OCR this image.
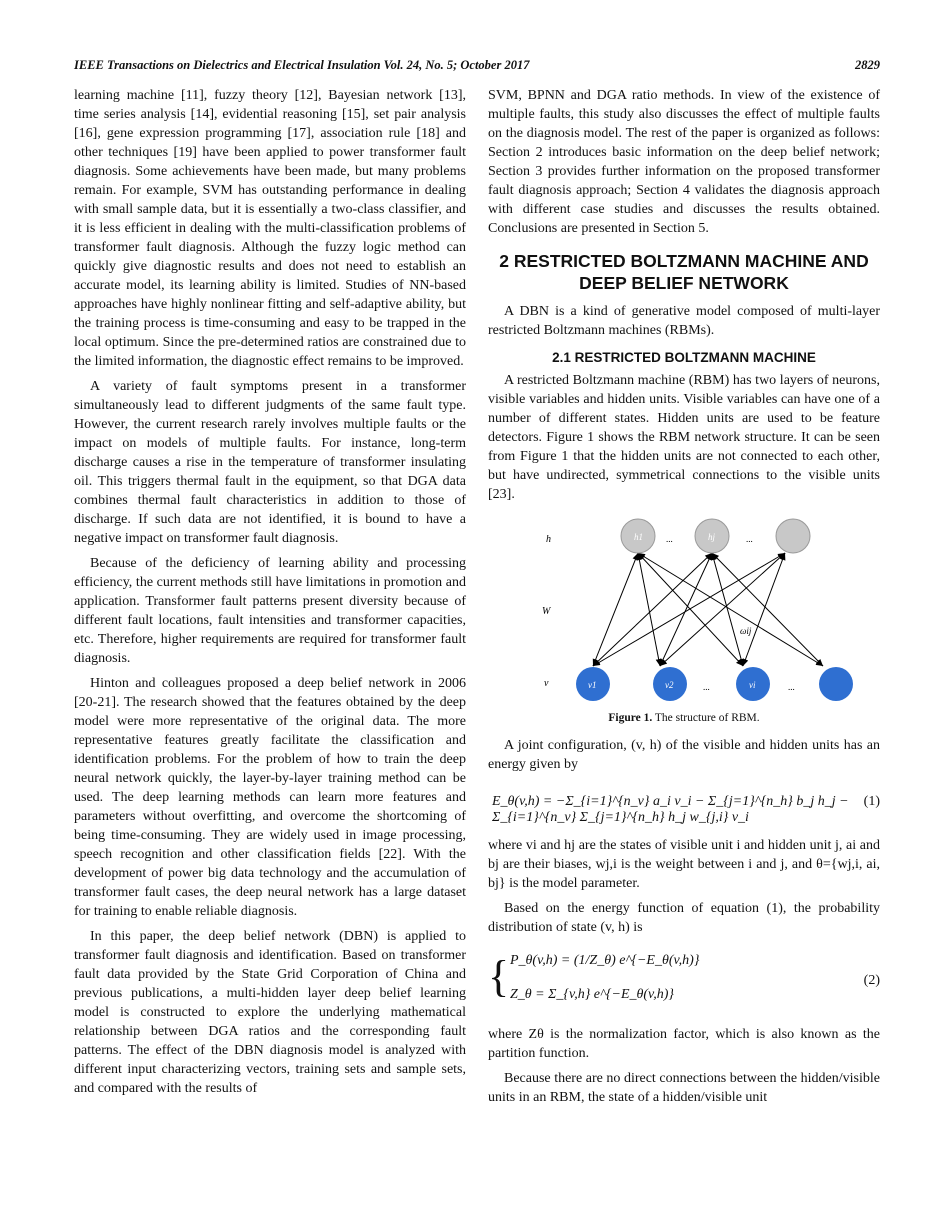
IEEE Transactions on Dielectrics and Electrical Insulation Vol. 24, No. 5; October 2017	2829

learning machine [11], fuzzy theory [12], Bayesian network [13], time series analysis [14], evidential reasoning [15], set pair analysis [16], gene expression programming [17], association rule [18] and other techniques [19] have been applied to power transformer fault diagnosis. Some achievements have been made, but many problems remain. For example, SVM has outstanding performance in dealing with small sample data, but it is essentially a two-class classifier, and it is less efficient in dealing with the multi-classification problems of transformer fault diagnosis. Although the fuzzy logic method can quickly give diagnostic results and does not need to establish an accurate model, its learning ability is limited. Studies of NN-based approaches have highly nonlinear fitting and self-adaptive ability, but the training process is time-consuming and easy to be trapped in the local optimum. Since the pre-determined ratios are constrained due to the limited information, the diagnostic effect remains to be improved.

A variety of fault symptoms present in a transformer simultaneously lead to different judgments of the same fault type. However, the current research rarely involves multiple faults or the impact on models of multiple faults. For instance, long-term discharge causes a rise in the temperature of transformer insulating oil. This triggers thermal fault in the equipment, so that DGA data combines thermal fault characteristics in addition to those of discharge. If such data are not identified, it is bound to have a negative impact on transformer fault diagnosis.

Because of the deficiency of learning ability and processing efficiency, the current methods still have limitations in promotion and application. Transformer fault patterns present diversity because of different fault locations, fault intensities and transformer capacities, etc. Therefore, higher requirements are required for transformer fault diagnosis.

Hinton and colleagues proposed a deep belief network in 2006 [20-21]. The research showed that the features obtained by the deep model were more representative of the original data. The more representative features greatly facilitate the classification and identification problems. For the problem of how to train the deep neural network quickly, the layer-by-layer training method can be used. The deep learning methods can learn more features and parameters without overfitting, and overcome the shortcoming of being time-consuming. They are widely used in image processing, speech recognition and other classification fields [22]. With the development of power big data technology and the accumulation of transformer fault cases, the deep neural network has a large dataset for training to enable reliable diagnosis.

In this paper, the deep belief network (DBN) is applied to transformer fault diagnosis and identification. Based on transformer fault data provided by the State Grid Corporation of China and previous publications, a multi-hidden layer deep belief learning model is constructed to explore the underlying mathematical relationship between DGA ratios and the corresponding fault patterns. The effect of the DBN diagnosis model is analyzed with different input characterizing vectors, training sets and sample sets, and compared with the results of

SVM, BPNN and DGA ratio methods. In view of the existence of multiple faults, this study also discusses the effect of multiple faults on the diagnosis model. The rest of the paper is organized as follows: Section 2 introduces basic information on the deep belief network; Section 3 provides further information on the proposed transformer fault diagnosis approach; Section 4 validates the diagnosis approach with different case studies and discusses the results obtained. Conclusions are presented in Section 5.

2 RESTRICTED BOLTZMANN MACHINE AND DEEP BELIEF NETWORK

A DBN is a kind of generative model composed of multi-layer restricted Boltzmann machines (RBMs).

2.1 RESTRICTED BOLTZMANN MACHINE

A restricted Boltzmann machine (RBM) has two layers of neurons, visible variables and hidden units. Visible variables can have one of a number of different states. Hidden units are used to be feature detectors. Figure 1 shows the RBM network structure. It can be seen from Figure 1 that the hidden units are not connected to each other, but have undirected, symmetrical connections to the visible units [23].

h1	hj
...	...
v1	v2	vi
...	...
h
W
v
ωij
Figure 1. The structure of RBM.

A joint configuration, (v, h) of the visible and hidden units has an energy given by

E_θ(v,h) = −Σ_{i=1}^{n_v} a_i v_i − Σ_{j=1}^{n_h} b_j h_j − Σ_{i=1}^{n_v} Σ_{j=1}^{n_h} h_j w_{j,i} v_i
(1)

where vi and hj are the states of visible unit i and hidden unit j, ai and bj are their biases, wj,i is the weight between i and j, and θ={wj,i, ai, bj} is the model parameter.

Based on the energy function of equation (1), the probability distribution of state (v, h) is

{ P_θ(v,h) = (1/Z_θ) e^{−E_θ(v,h)}
Z_θ = Σ_{v,h} e^{−E_θ(v,h)}
(2)

where Zθ is the normalization factor, which is also known as the partition function.

Because there are no direct connections between the hidden/visible units in an RBM, the state of a hidden/visible unit
